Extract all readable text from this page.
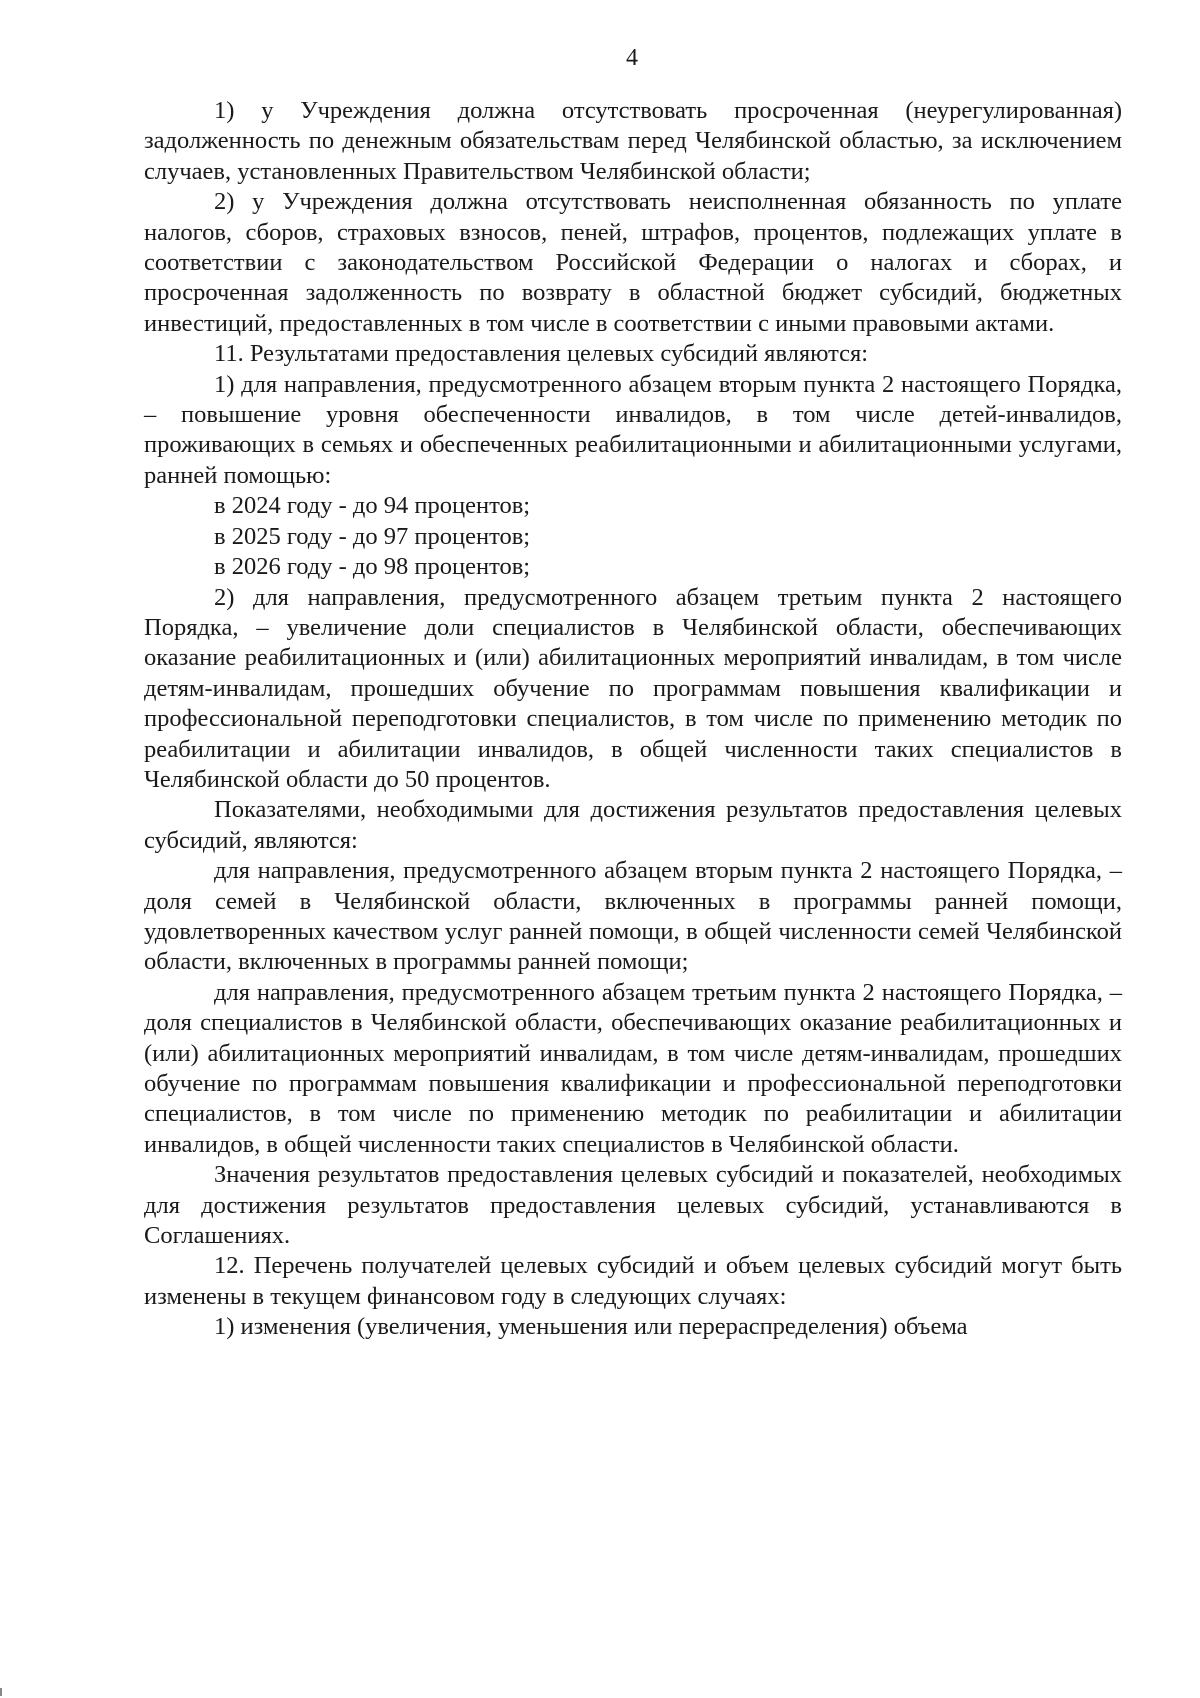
4

1) у Учреждения должна отсутствовать просроченная (неурегулированная) задолженность по денежным обязательствам перед Челябинской областью, за исключением случаев, установленных Правительством Челябинской области;

2) у Учреждения должна отсутствовать неисполненная обязанность по уплате налогов, сборов, страховых взносов, пеней, штрафов, процентов, подлежащих уплате в соответствии с законодательством Российской Федерации о налогах и сборах, и просроченная задолженность по возврату в областной бюджет субсидий, бюджетных инвестиций, предоставленных в том числе в соответствии с иными правовыми актами.

11. Результатами предоставления целевых субсидий являются:

1) для направления, предусмотренного абзацем вторым пункта 2 настоящего Порядка, – повышение уровня обеспеченности инвалидов, в том числе детей-инвалидов, проживающих в семьях и обеспеченных реабилитационными и абилитационными услугами, ранней помощью:

в 2024 году - до 94 процентов;

в 2025 году - до 97 процентов;

в 2026 году - до 98 процентов;

2) для направления, предусмотренного абзацем третьим пункта 2 настоящего Порядка, – увеличение доли специалистов в Челябинской области, обеспечивающих оказание реабилитационных и (или) абилитационных мероприятий инвалидам, в том числе детям-инвалидам, прошедших обучение по программам повышения квалификации и профессиональной переподготовки специалистов, в том числе по применению методик по реабилитации и абилитации инвалидов, в общей численности таких специалистов в Челябинской области до 50 процентов.

Показателями, необходимыми для достижения результатов предоставления целевых субсидий, являются:

для направления, предусмотренного абзацем вторым пункта 2 настоящего Порядка, – доля семей в Челябинской области, включенных в программы ранней помощи, удовлетворенных качеством услуг ранней помощи, в общей численности семей Челябинской области, включенных в программы ранней помощи;

для направления, предусмотренного абзацем третьим пункта 2 настоящего Порядка, – доля специалистов в Челябинской области, обеспечивающих оказание реабилитационных и (или) абилитационных мероприятий инвалидам, в том числе детям-инвалидам, прошедших обучение по программам повышения квалификации и профессиональной переподготовки специалистов, в том числе по применению методик по реабилитации и абилитации инвалидов, в общей численности таких специалистов в Челябинской области.

Значения результатов предоставления целевых субсидий и показателей, необходимых для достижения результатов предоставления целевых субсидий, устанавливаются в Соглашениях.

12. Перечень получателей целевых субсидий и объем целевых субсидий могут быть изменены в текущем финансовом году в следующих случаях:

1) изменения (увеличения, уменьшения или перераспределения) объема
